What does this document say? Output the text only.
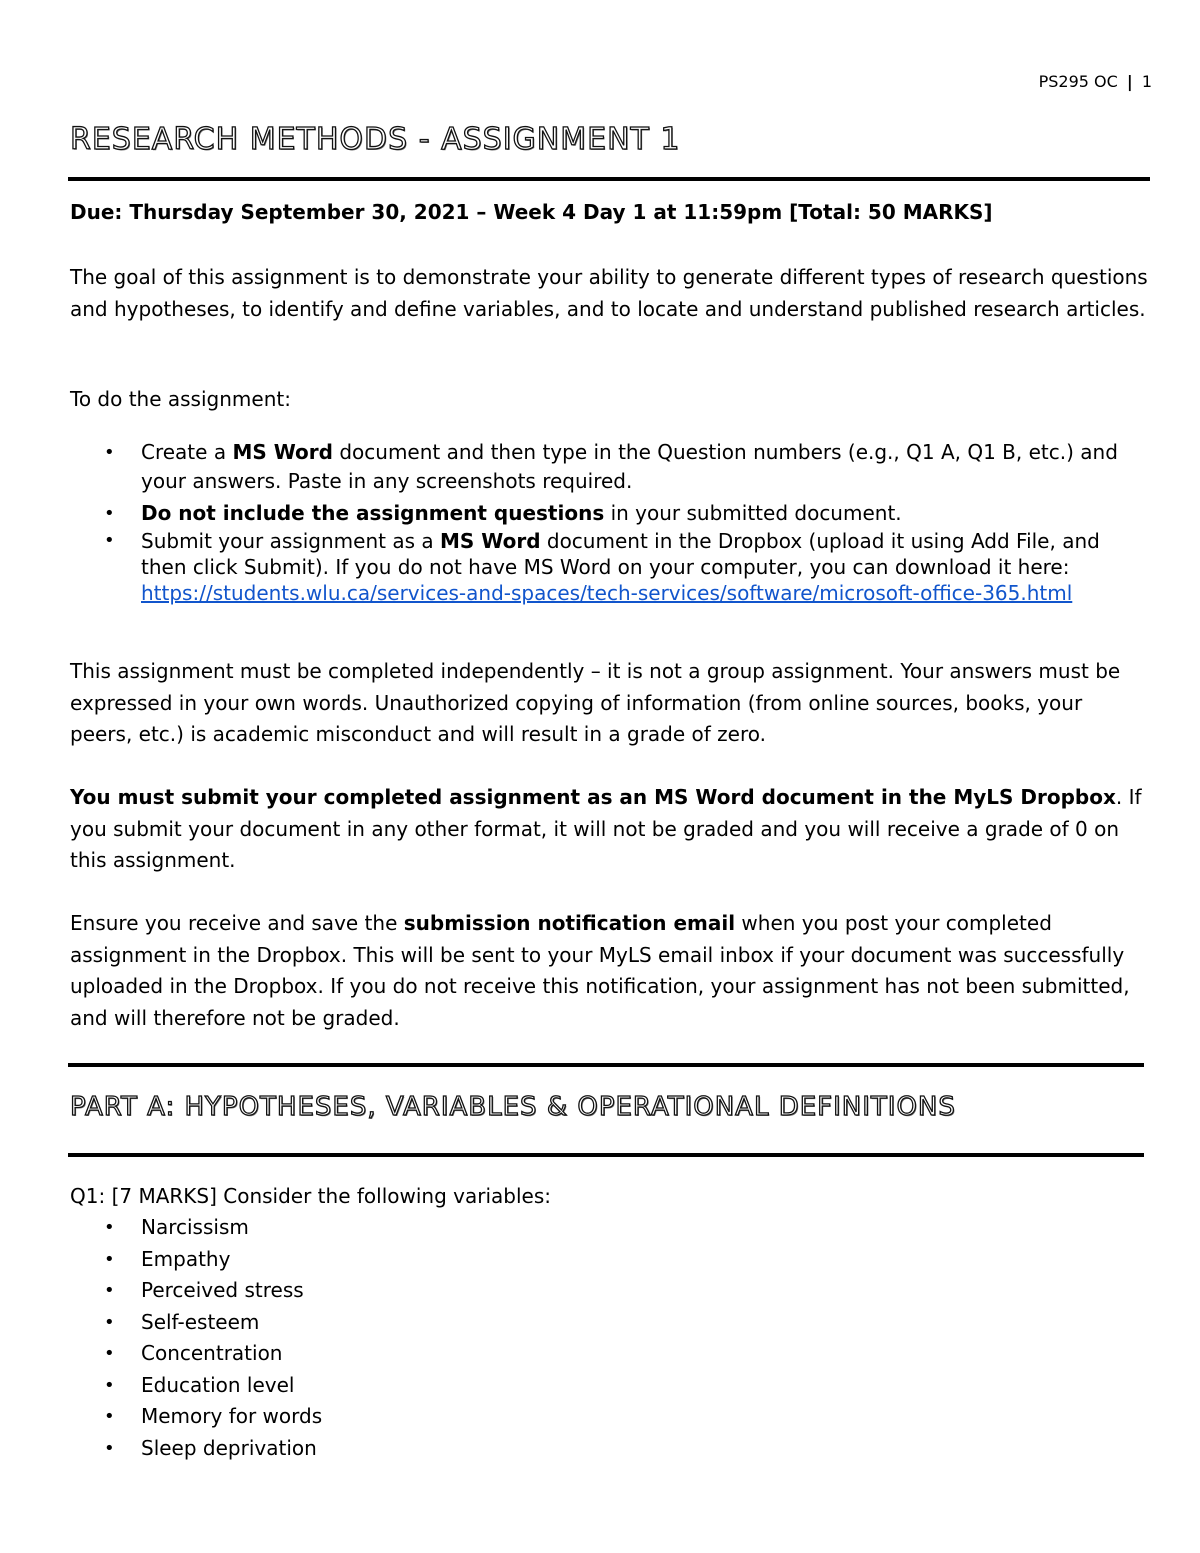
PS295 OC | 1
RESEARCH METHODS - ASSIGNMENT 1
Due: Thursday September 30, 2021 – Week 4 Day 1 at 11:59pm [Total: 50 MARKS]
The goal of this assignment is to demonstrate your ability to generate different types of research questions and hypotheses, to identify and define variables, and to locate and understand published research articles.
To do the assignment:
• Create a MS Word document and then type in the Question numbers (e.g., Q1 A, Q1 B, etc.) and your answers. Paste in any screenshots required.
• Do not include the assignment questions in your submitted document.
• Submit your assignment as a MS Word document in the Dropbox (upload it using Add File, and then click Submit). If you do not have MS Word on your computer, you can download it here: https://students.wlu.ca/services-and-spaces/tech-services/software/microsoft-office-365.html
This assignment must be completed independently – it is not a group assignment. Your answers must be expressed in your own words. Unauthorized copying of information (from online sources, books, your peers, etc.) is academic misconduct and will result in a grade of zero.
You must submit your completed assignment as an MS Word document in the MyLS Dropbox. If you submit your document in any other format, it will not be graded and you will receive a grade of 0 on this assignment.
Ensure you receive and save the submission notification email when you post your completed assignment in the Dropbox. This will be sent to your MyLS email inbox if your document was successfully uploaded in the Dropbox. If you do not receive this notification, your assignment has not been submitted, and will therefore not be graded.
PART A: HYPOTHESES, VARIABLES & OPERATIONAL DEFINITIONS
Q1: [7 MARKS] Consider the following variables:
• Narcissism
• Empathy
• Perceived stress
• Self-esteem
• Concentration
• Education level
• Memory for words
• Sleep deprivation
